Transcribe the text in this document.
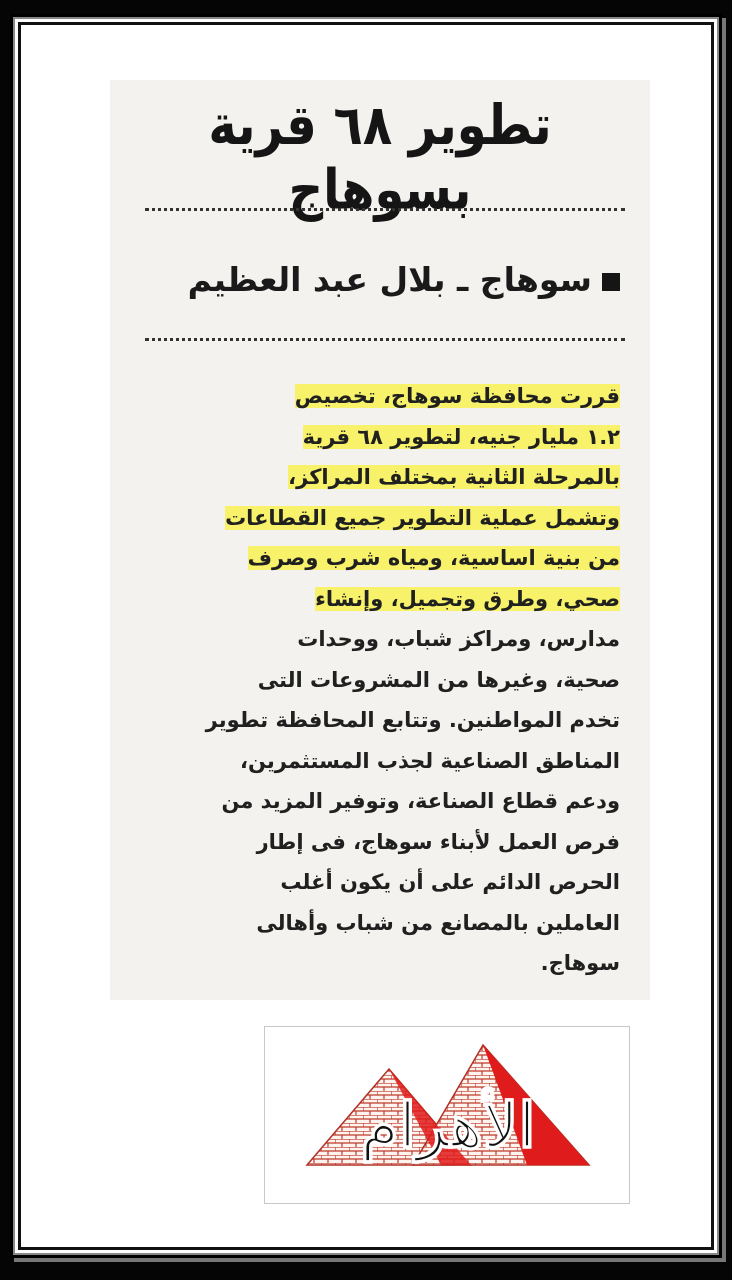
تطوير ٦٨ قرية بسوهاج
سوهاج ـ بلال عبد العظيم
قررت محافظة سوهاج، تخصيص
١.٢ مليار جنيه، لتطوير ٦٨ قرية
بالمرحلة الثانية بمختلف المراكز،
وتشمل عملية التطوير جميع القطاعات
من بنية اساسية، ومياه شرب وصرف
صحي، وطرق وتجميل، وإنشاء
مدارس، ومراكز شباب، ووحدات
صحية، وغيرها من المشروعات التى
تخدم المواطنين. وتتابع المحافظة تطوير
المناطق الصناعية لجذب المستثمرين،
ودعم قطاع الصناعة، وتوفير المزيد من
فرص العمل لأبناء سوهاج، فى إطار
الحرص الدائم على أن يكون أغلب
العاملين بالمصانع من شباب وأهالى
سوهاج.
الأهرام
